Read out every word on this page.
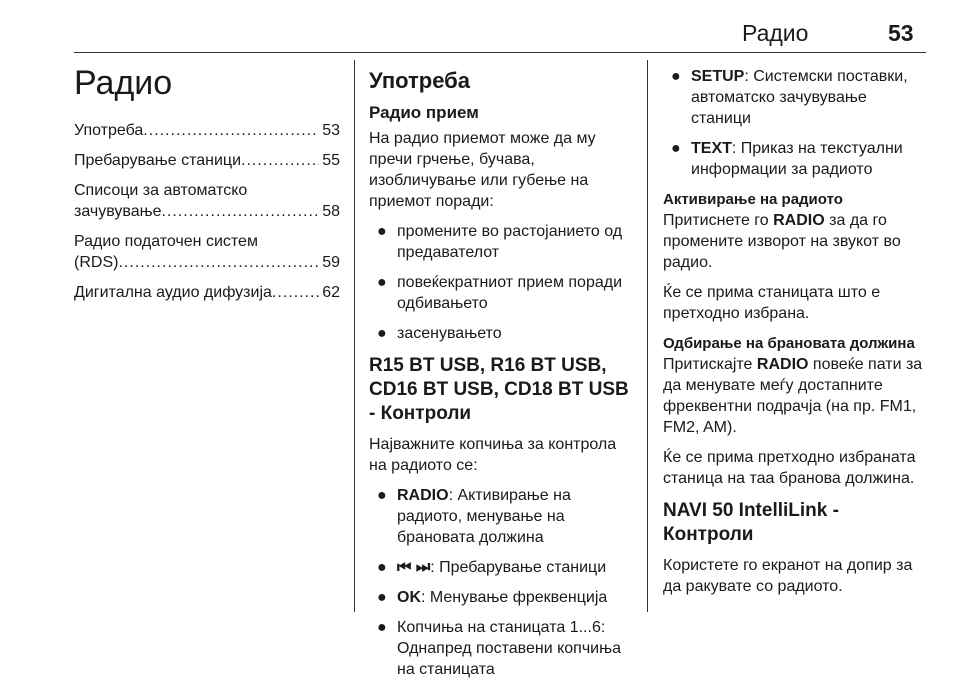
Радио	53
Радио
Употреба .....	53
Пребарување станици .....	55
Списоци за автоматско
зачувување .....	58
Радио податочен систем
(RDS) .....	59
Дигитална аудио дифузија .....	62
Употреба
Радио прием

На радио приемот може да му пречи грчење, бучава, изобличување или губење на приемот поради:

● промените во растојанието од предавателот
● повеќекратниот прием поради одбивањето
● засенувањето
R15 BT USB, R16 BT USB, CD16 BT USB, CD18 BT USB - Контроли

Најважните копчиња за контрола на радиото се:

● RADIO: Активирање на радиото, менување на брановата должина
● ⏮ ⏭: Пребарување станици
● OK: Менување фреквенција
● Копчиња на станицата 1...6: Однапред поставени копчиња на станицата
● SETUP: Системски поставки, автоматско зачувување станици
● TEXT: Приказ на текстуални информации за радиото
Активирање на радиото

Притиснете го RADIO за да го промените изворот на звукот во радио.

Ќе се прима станицата што е претходно избрана.

Одбирање на брановата должина

Притискајте RADIO повеќе пати за да менувате меѓу достапните фреквентни подрачја (на пр. FM1, FM2, AM).

Ќе се прима претходно избраната станица на таа бранова должина.

NAVI 50 IntelliLink - Контроли

Користете го екранот на допир за да ракувате со радиото.
